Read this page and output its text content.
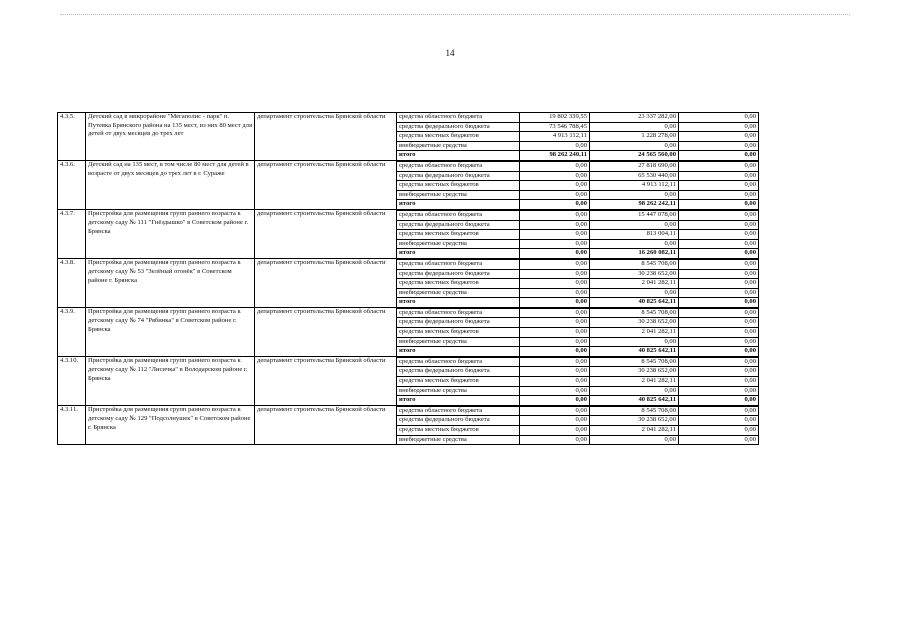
14
4.3.5.	Детский сад в микрорайоне "Мегаполис - парк" п. Путевка Брянского района на 135 мест, из них 80 мест для детей от двух месяцев до трех лет	департамент строительства Брянской области	средства областного бюджета	19 802 339,55	23 337 282,00	0,00
			средства федерального бюджета	73 546 788,45	0,00	0,00
			средства местных бюджетов	4 913 112,11	1 228 278,00	0,00
			внебюджетные средства	0,00	0,00	0,00
			итого	98 262 240,11	24 565 560,00	0,00
4.3.6.	Детский сад на 135 мест, в том числе 80 мест для детей в возрасте от двух месяцев до трех лет в г. Сураже	департамент строительства Брянской области	средства областного бюджета	0,00	27 818 690,00	0,00
			средства федерального бюджета	0,00	65 530 440,00	0,00
			средства местных бюджетов	0,00	4 913 112,11	0,00
			внебюджетные средства	0,00	0,00	0,00
			итого	0,00	98 262 242,11	0,00
4.3.7.	Пристройка для размещения групп раннего возраста к детскому саду № 111 "Гнёздышко" в Советском районе г. Брянска	департамент строительства Брянской области	средства областного бюджета	0,00	15 447 078,00	0,00
			средства федерального бюджета	0,00	0,00	0,00
			средства местных бюджетов	0,00	813 004,11	0,00
			внебюджетные средства	0,00	0,00	0,00
			итого	0,00	16 260 082,11	0,00
4.3.8.	Пристройка для размещения групп раннего возраста к детскому саду № 53 "Зелёный огонёк" в Советском районе г. Брянска	департамент строительства Брянской области	средства областного бюджета	0,00	8 545 708,00	0,00
			средства федерального бюджета	0,00	30 238 652,00	0,00
			средства местных бюджетов	0,00	2 041 282,11	0,00
			внебюджетные средства	0,00	0,00	0,00
			итого	0,00	40 825 642,11	0,00
4.3.9.	Пристройка для размещения групп раннего возраста к детскому саду № 74 "Рябинка" в Советском районе г. Брянска	департамент строительства Брянской области	средства областного бюджета	0,00	8 545 708,00	0,00
			средства федерального бюджета	0,00	30 238 652,00	0,00
			средства местных бюджетов	0,00	2 041 282,11	0,00
			внебюджетные средства	0,00	0,00	0,00
			итого	0,00	40 825 642,11	0,00
4.3.10.	Пристройка для размещения групп раннего возраста к детскому саду № 112 "Лисичка" в Володарском районе г. Брянска	департамент строительства Брянской области	средства областного бюджета	0,00	8 545 708,00	0,00
			средства федерального бюджета	0,00	30 238 652,00	0,00
			средства местных бюджетов	0,00	2 041 282,11	0,00
			внебюджетные средства	0,00	0,00	0,00
			итого	0,00	40 825 642,11	0,00
4.3.11.	Пристройка для размещения групп раннего возраста к детскому саду № 129 "Подсолнушек" в Советском районе г. Брянска	департамент строительства Брянской области	средства областного бюджета	0,00	8 545 708,00	0,00
			средства федерального бюджета	0,00	30 238 652,00	0,00
			средства местных бюджетов	0,00	2 041 282,11	0,00
			внебюджетные средства	0,00	0,00	0,00
